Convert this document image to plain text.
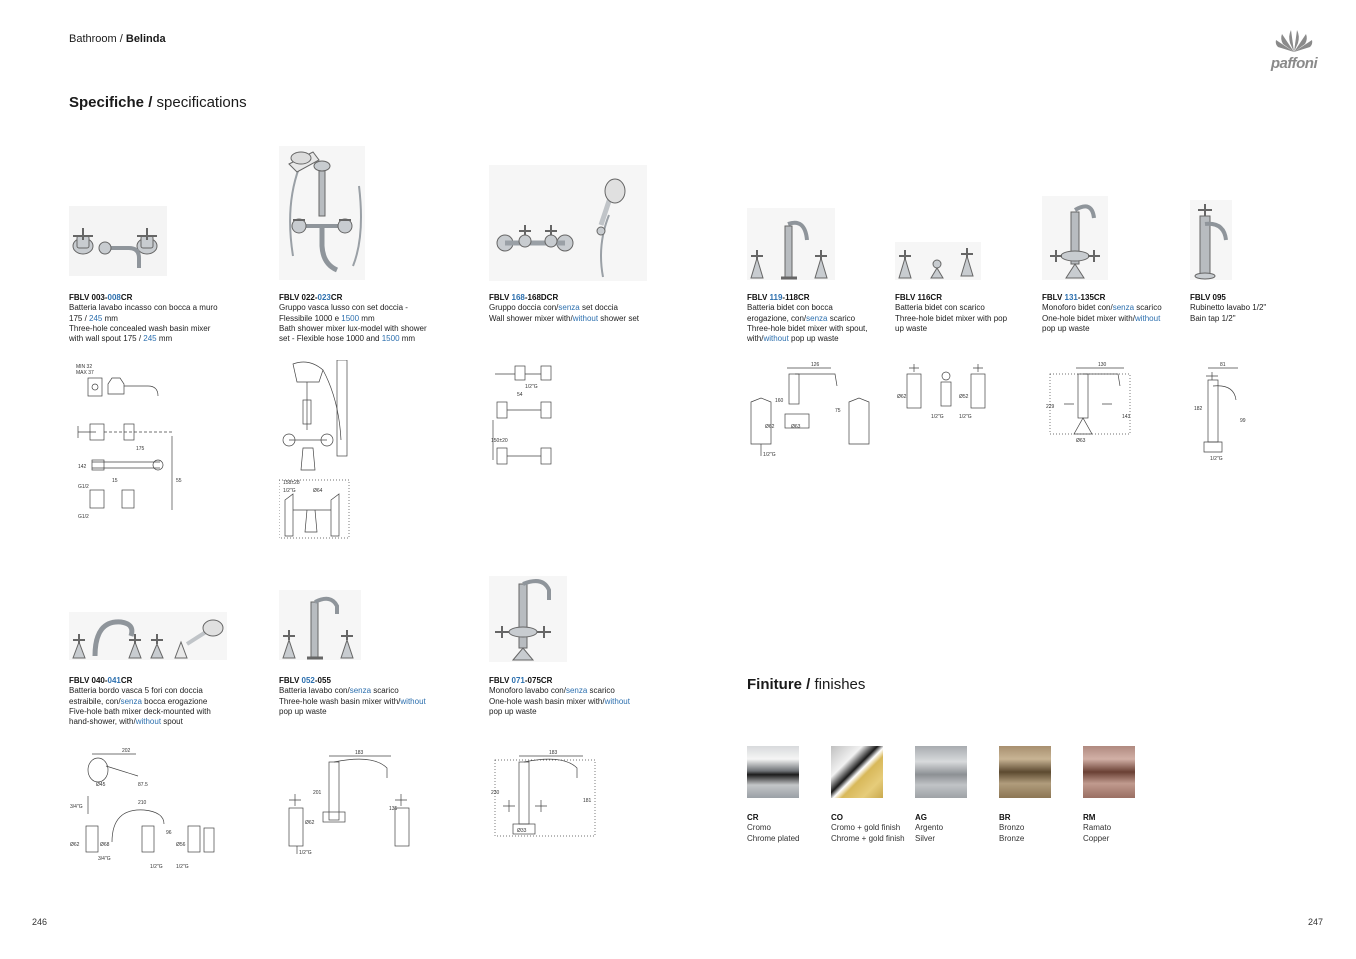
Bathroom / Belinda
paffoni
Specifiche / specifications
FBLV 003-008CR
Batteria lavabo incasso con bocca a muro
175 / 245 mm
Three-hole concealed wash basin mixer
with wall spout 175 / 245 mm
FBLV 022-023CR
Gruppo vasca lusso con set doccia -
Flessibile 1000 e 1500 mm
Bath shower mixer lux-model with shower
set - Flexible hose 1000 and 1500 mm
FBLV 168-168DCR
Gruppo doccia con/senza set doccia
Wall shower mixer with/without shower set
FBLV 119-118CR
Batteria bidet con bocca
erogazione, con/senza scarico
Three-hole bidet mixer with spout,
with/without pop up waste
FBLV 116CR
Batteria bidet con scarico
Three-hole bidet mixer with pop
up waste
FBLV 131-135CR
Monoforo bidet con/senza scarico
One-hole bidet mixer with/without
pop up waste
FBLV 095
Rubinetto lavabo 1/2"
Bain tap 1/2"
MIN 32
MAX 37
175
142
15
G1/2
G1/2
55	158±28
1/2"G	Ø64
1/2"G
54
150±20
126
160
75
Ø62	Ø63
1/2"G
Ø62	Ø52
1/2"G	1/2"G
130
229
143
Ø63
81
182
99
1/2"G
FBLV 040-041CR
Batteria bordo vasca 5 fori con doccia
estraibile, con/senza bocca erogazione
Five-hole bath mixer deck-mounted with
hand-shower, with/without spout
FBLV 052-055
Batteria lavabo con/senza scarico
Three-hole wash basin mixer with/without
pop up waste
FBLV 071-075CR
Monoforo lavabo con/senza scarico
One-hole wash basin mixer with/without
pop up waste
202
Ø45	87.5
3/4"G
210
96
Ø62	Ø68	Ø56
3/4"G
1/2"G	1/2"G
183
201
135
Ø62
1/2"G
183
230
181
Ø33
Finiture / finishes
CR
Cromo
Chrome plated
CO
Cromo + gold finish
Chrome + gold finish
AG
Argento
Silver
BR
Bronzo
Bronze
RM
Ramato
Copper
246	247
